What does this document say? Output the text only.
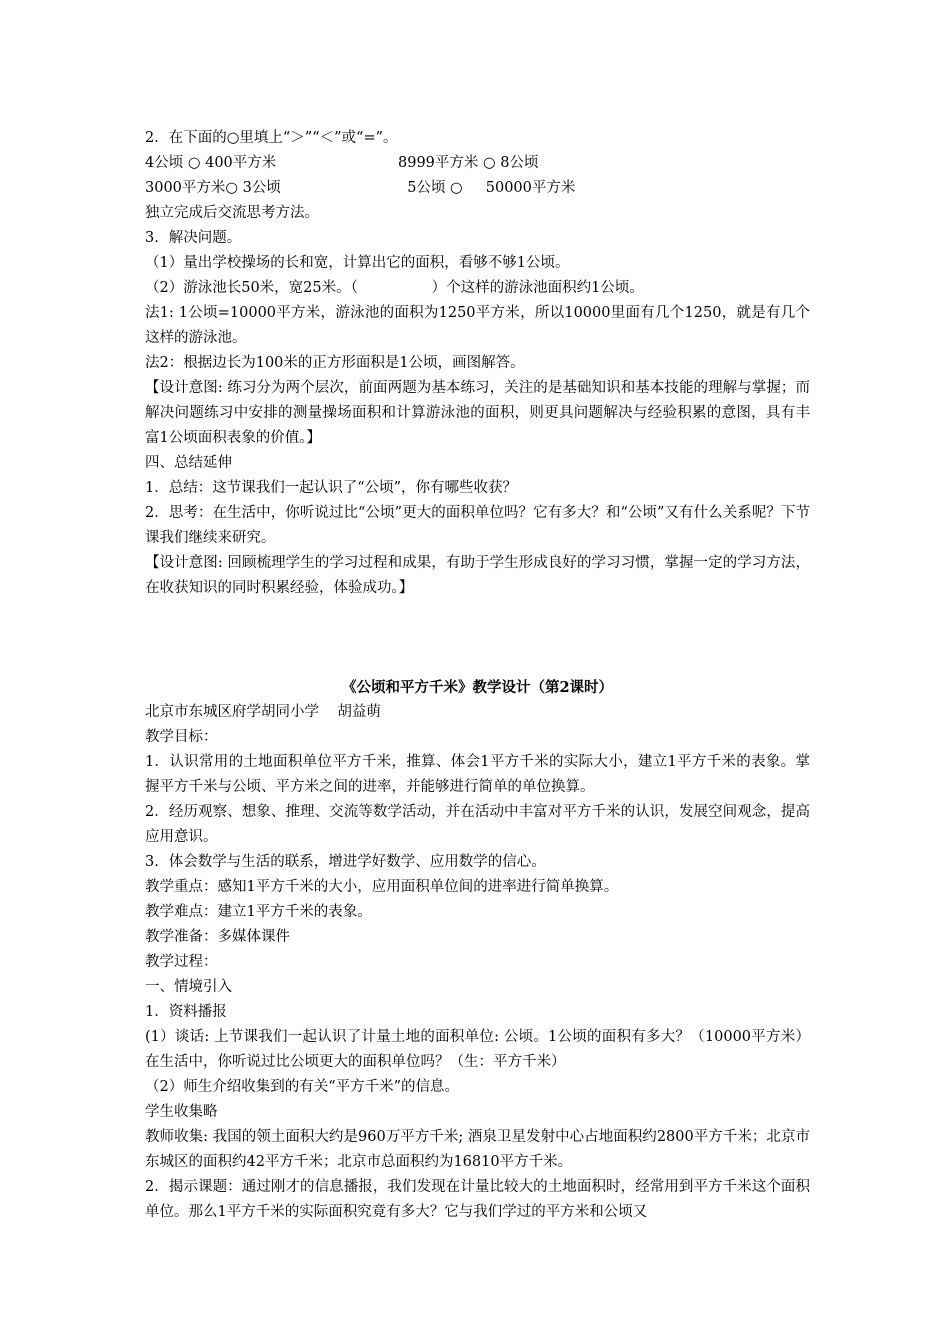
2．在下面的○里填上“＞”“＜”或“=”。

4公顷 ○ 400平方米	8999平方米 ○ 8公顷
3000平方米○ 3公顷	5公顷 ○     50000平方米

独立完成后交流思考方法。

3．解决问题。

（1）量出学校操场的长和宽，计算出它的面积，看够不够1公顷。

（2）游泳池长50米，宽25米。（                ）个这样的游泳池面积约1公顷。

法1: 1公顷=10000平方米，游泳池的面积为1250平方米，所以10000里面有几个1250，就是有几个这样的游泳池。

法2：根据边长为100米的正方形面积是1公顷，画图解答。

【设计意图: 练习分为两个层次，前面两题为基本练习，关注的是基础知识和基本技能的理解与掌握；而解决问题练习中安排的测量操场面积和计算游泳池的面积，则更具问题解决与经验积累的意图，具有丰富1公顷面积表象的价值。】

四、总结延伸

1．总结：这节课我们一起认识了“公顷”，你有哪些收获？

2．思考：在生活中，你听说过比“公顷”更大的面积单位吗？它有多大？和“公顷”又有什么关系呢？下节课我们继续来研究。

【设计意图: 回顾梳理学生的学习过程和成果，有助于学生形成良好的学习习惯，掌握一定的学习方法，在收获知识的同时积累经验，体验成功。】

《公顷和平方千米》教学设计（第2课时）

北京市东城区府学胡同小学    胡益萌

教学目标：

1．认识常用的土地面积单位平方千米，推算、体会1平方千米的实际大小，建立1平方千米的表象。掌握平方千米与公顷、平方米之间的进率，并能够进行简单的单位换算。

2．经历观察、想象、推理、交流等数学活动，并在活动中丰富对平方千米的认识，发展空间观念，提高应用意识。

3．体会数学与生活的联系，增进学好数学、应用数学的信心。

教学重点：感知1平方千米的大小，应用面积单位间的进率进行简单换算。

教学难点：建立1平方千米的表象。

教学准备：多媒体课件

教学过程：

一、情境引入

1．资料播报

(1）谈话: 上节课我们一起认识了计量土地的面积单位: 公顷。1公顷的面积有多大？（10000平方米）在生活中，你听说过比公顷更大的面积单位吗？（生：平方千米）

（2）师生介绍收集到的有关“平方千米”的信息。

学生收集略

教师收集: 我国的领土面积大约是960万平方千米; 酒泉卫星发射中心占地面积约2800平方千米；北京市东城区的面积约42平方千米；北京市总面积约为16810平方千米。

2．揭示课题：通过刚才的信息播报，我们发现在计量比较大的土地面积时，经常用到平方千米这个面积单位。那么1平方千米的实际面积究竟有多大？它与我们学过的平方米和公顷又
